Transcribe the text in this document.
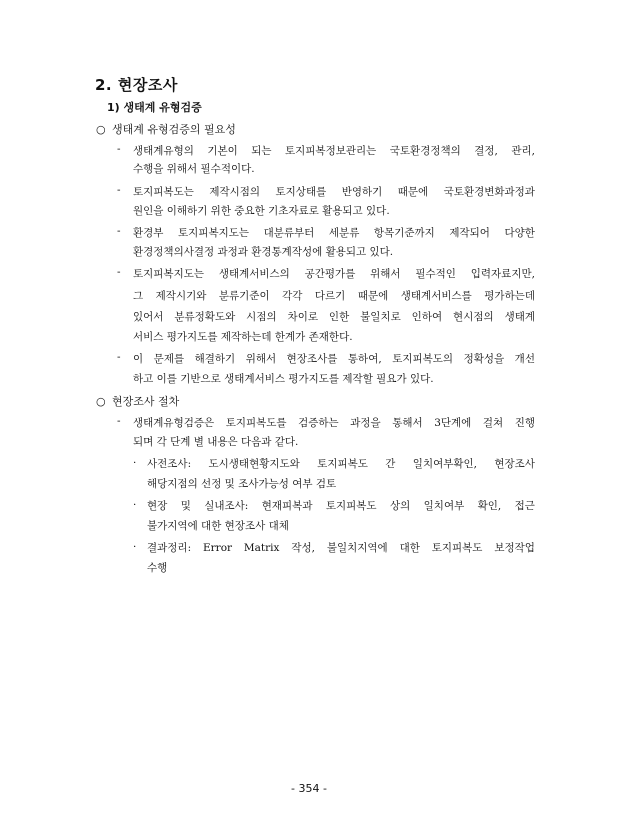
2. 현장조사
1) 생태계 유형검증
○ 생태계 유형검증의 필요성
- 생태계유형의 기본이 되는 토지피복정보관리는 국토환경정책의 결정, 관리,
수행을 위해서 필수적이다.
- 토지피복도는 제작시점의 토지상태를 반영하기 때문에 국토환경변화과정과
원인을 이해하기 위한 중요한 기초자료로 활용되고 있다.
- 환경부 토지피복지도는 대분류부터 세분류 항목기준까지 제작되어 다양한
환경정책의사결정 과정과 환경통계작성에 활용되고 있다.
- 토지피복지도는 생태계서비스의 공간평가를 위해서 필수적인 입력자료지만,
그 제작시기와 분류기준이 각각 다르기 때문에 생태계서비스를 평가하는데
있어서 분류정확도와 시점의 차이로 인한 불일치로 인하여 현시점의 생태계
서비스 평가지도를 제작하는데 한계가 존재한다.
- 이 문제를 해결하기 위해서 현장조사를 통하여, 토지피복도의 정확성을 개선
하고 이를 기반으로 생태계서비스 평가지도를 제작할 필요가 있다.
○ 현장조사 절차
- 생태계유형검증은 토지피복도를 검증하는 과정을 통해서 3단계에 걸쳐 진행
되며 각 단계 별 내용은 다음과 같다.
· 사전조사: 도시생태현황지도와 토지피복도 간 일치여부확인, 현장조사
해당지점의 선정 및 조사가능성 여부 검토
· 현장 및 실내조사: 현재피복과 토지피복도 상의 일치여부 확인, 접근
불가지역에 대한 현장조사 대체
· 결과정리: Error Matrix 작성, 불일치지역에 대한 토지피복도 보정작업
수행
- 354 -
